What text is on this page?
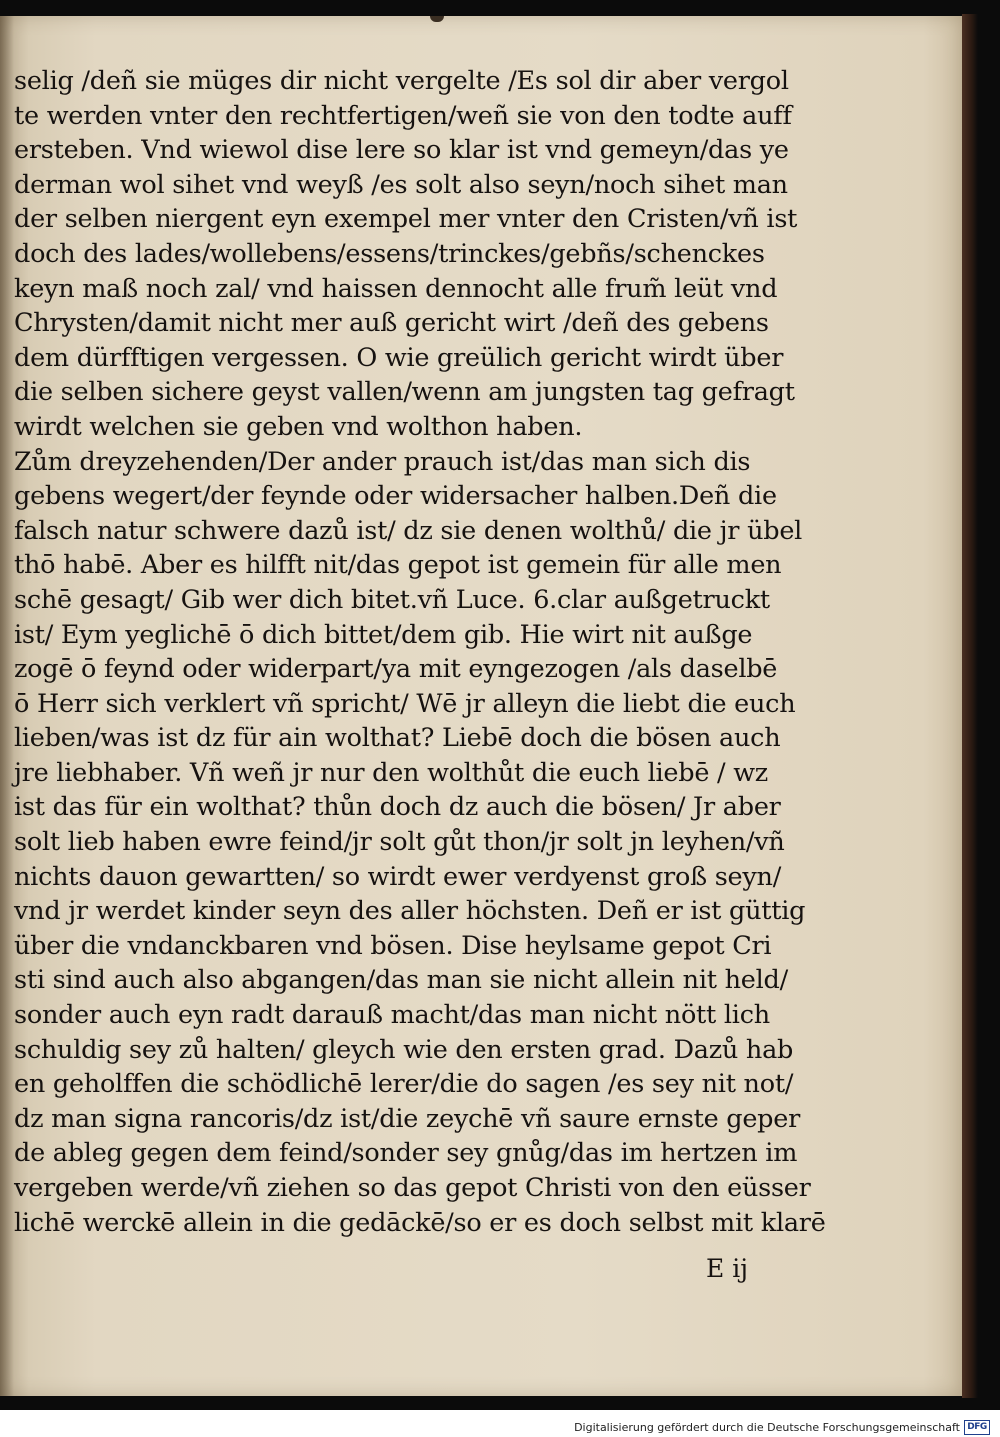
selig /deñ sie müges dir nicht vergelte /Es sol dir aber vergol
te werden vnter den rechtfertigen/weñ sie von den todte auff
ersteben. Vnd wiewol dise lere so klar ist vnd gemeyn/das ye
derman wol sihet vnd weyß /es solt also seyn/noch sihet man
der selben niergent eyn exempel mer vnter den Cristen/vñ ist
doch des lades/wollebens/essens/trinckes/gebñs/schenckes
keyn maß noch zal/ vnd haissen dennocht alle frum̃ leüt vnd
Chrysten/damit nicht mer auß gericht wirt /deñ des gebens
dem dürfftigen vergessen. O wie greülich gericht wirdt über
die selben sichere geyst vallen/wenn am jungsten tag gefragt
wirdt welchen sie geben vnd wolthon haben.
Zům dreyzehenden/Der ander prauch ist/das man sich dis
gebens wegert/der feynde oder widersacher halben.Deñ die
falsch natur schwere dazů ist/ dz sie denen wolthů/ die jr übel
thō habē. Aber es hilfft nit/das gepot ist gemein für alle men
schē gesagt/ Gib wer dich bitet.vñ Luce. 6.clar außgetruckt
ist/ Eym yeglichē ō dich bittet/dem gib. Hie wirt nit außge
zogē ō feynd oder widerpart/ya mit eyngezogen /als daselbē
ō Herr sich verklert vñ spricht/ Wē jr alleyn die liebt die euch
lieben/was ist dz für ain wolthat? Liebē doch die bösen auch
jre liebhaber. Vñ weñ jr nur den wolthůt die euch liebē / wz
ist das für ein wolthat? thůn doch dz auch die bösen/ Jr aber
solt lieb haben ewre feind/jr solt gůt thon/jr solt jn leyhen/vñ
nichts dauon gewartten/ so wirdt ewer verdyenst groß seyn/
vnd jr werdet kinder seyn des aller höchsten. Deñ er ist güttig
über die vndanckbaren vnd bösen. Dise heylsame gepot Cri
sti sind auch also abgangen/das man sie nicht allein nit held/
sonder auch eyn radt darauß macht/das man nicht nött lich
schuldig sey zů halten/ gleych wie den ersten grad. Dazů hab
en geholffen die schödlichē lerer/die do sagen /es sey nit not/
dz man signa rancoris/dz ist/die zeychē vñ saure ernste geper
de ableg gegen dem feind/sonder sey gnůg/das im hertzen im
vergeben werde/vñ ziehen so das gepot Christi von den eüsser
lichē werckē allein in die gedāckē/so er es doch selbst mit klarē
E ij
Digitalisierung gefördert durch die Deutsche Forschungsgemeinschaft DFG
